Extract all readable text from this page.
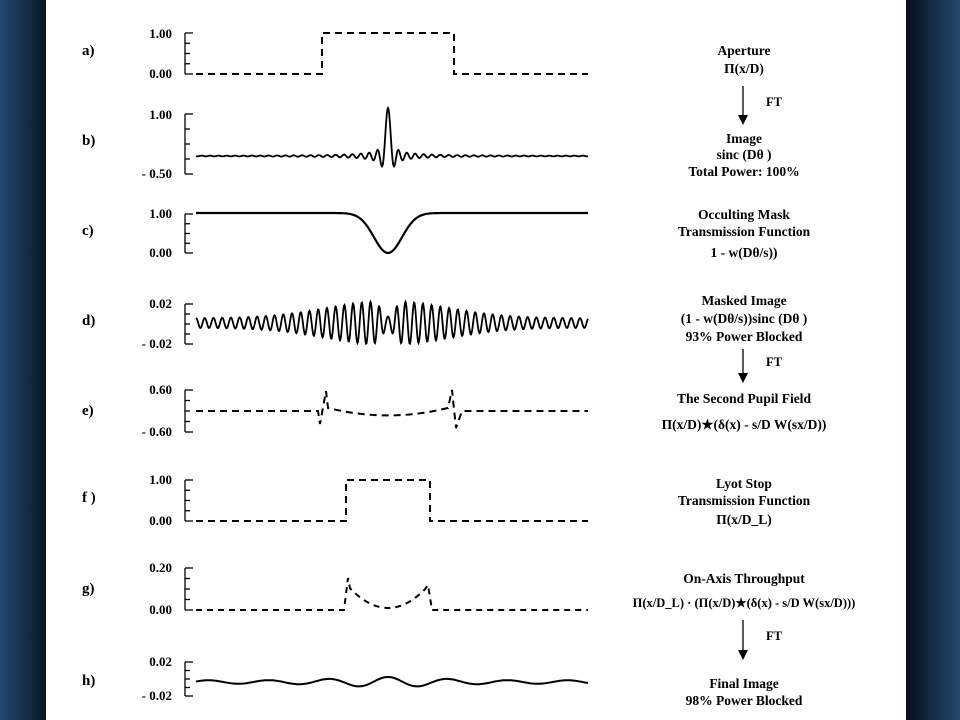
a)
b)
c)
d)
e)
f )
g)
h)
1.00
0.00
1.00
- 0.50
1.00
0.00
0.02
- 0.02
0.60
- 0.60
1.00
0.00
0.20
0.00
0.02
- 0.02
Aperture
Π(x/D)
Image
sinc (Dθ )
Total Power: 100%
Occulting Mask
Transmission Function
1 - w(Dθ/s))
Masked Image
(1 - w(Dθ/s))sinc (Dθ )
93% Power Blocked
The Second Pupil Field
Π(x/D)★(δ(x) - s/D W(sx/D))
Lyot Stop
Transmission Function
Π(x/D_L)
On-Axis Throughput
Π(x/D_L) · (Π(x/D)★(δ(x) - s/D W(sx/D)))
Final Image
98% Power Blocked
FT
FT
FT
